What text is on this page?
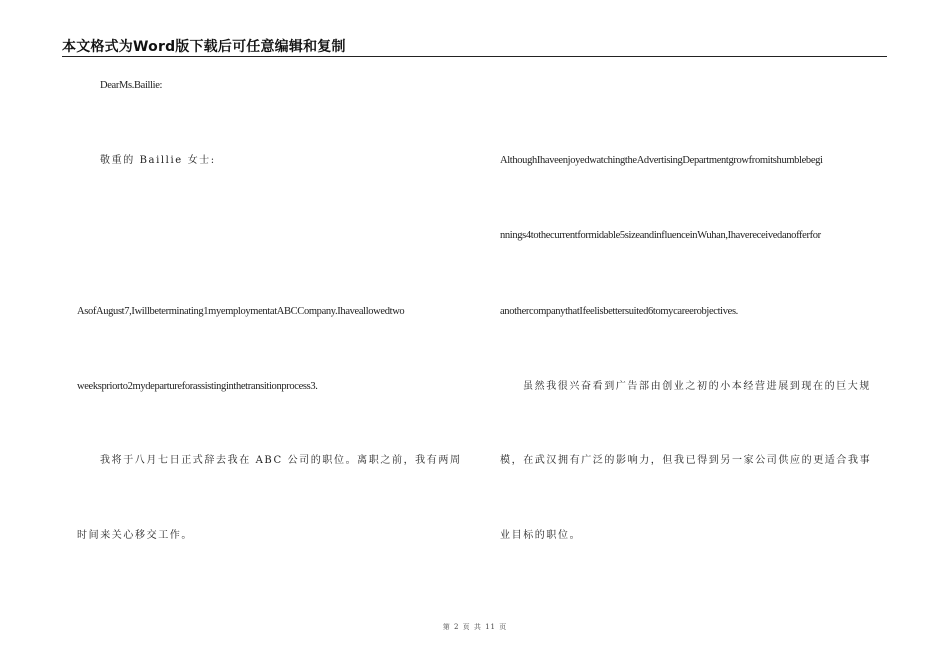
本文格式为Word版下载后可任意编辑和复制
DearMs.Baillie:
敬重的 Baillie 女士:
AsofAugust7,Iwillbeterminating1myemploymentatABCCompany.Ihaveallowedtwo
weekspriorto2mydepartureforassistinginthetransitionprocess3.
我将于八月七日正式辞去我在 ABC 公司的职位。离职之前，我有两周
时间来关心移交工作。
AlthoughIhaveenjoyedwatchingtheAdvertisingDepartmentgrowfromitshumblebegi
nnings4tothecurrentformidable5sizeandinfluenceinWuhan,Ihavereceivedanofferfor
anothercompanythatIfeelisbettersuited6tomycareerobjectives.
虽然我很兴奋看到广告部由创业之初的小本经营进展到现在的巨大规
模，在武汉拥有广泛的影响力，但我已得到另一家公司供应的更适合我事
业目标的职位。
第 2 页 共 11 页
